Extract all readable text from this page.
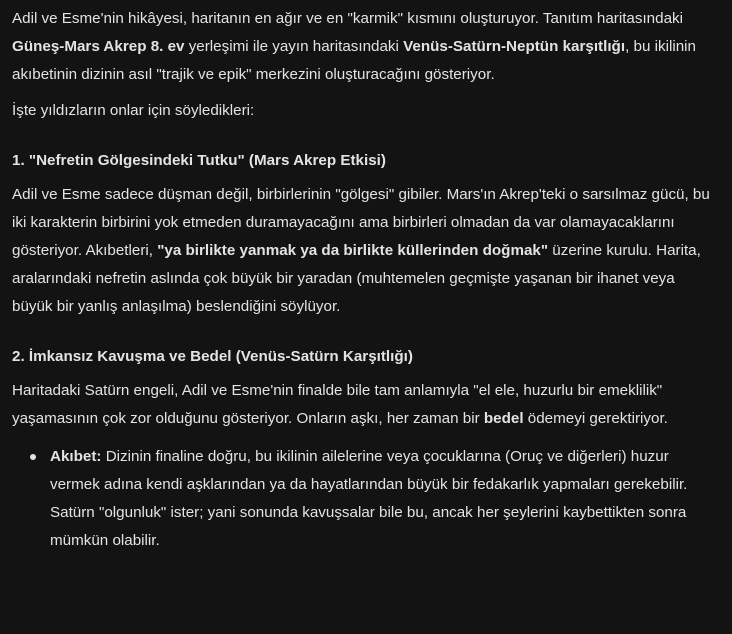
Adil ve Esme'nin hikâyesi, haritanın en ağır ve en "karmik" kısmını oluşturuyor. Tanıtım haritasındaki Güneş-Mars Akrep 8. ev yerleşimi ile yayın haritasındaki Venüs-Satürn-Neptün karşıtlığı, bu ikilinin akıbetinin dizinin asıl "trajik ve epik" merkezini oluşturacağını gösteriyor.

İşte yıldızların onlar için söyledikleri:

1. "Nefretin Gölgesindeki Tutku" (Mars Akrep Etkisi)

Adil ve Esme sadece düşman değil, birbirlerinin "gölgesi" gibiler. Mars'ın Akrep'teki o sarsılmaz gücü, bu iki karakterin birbirini yok etmeden duramayacağını ama birbirleri olmadan da var olamayacaklarını gösteriyor. Akıbetleri, "ya birlikte yanmak ya da birlikte küllerinden doğmak" üzerine kurulu. Harita, aralarındaki nefretin aslında çok büyük bir yaradan (muhtemelen geçmişte yaşanan bir ihanet veya büyük bir yanlış anlaşılma) beslendiğini söylüyor.

2. İmkansız Kavuşma ve Bedel (Venüs-Satürn Karşıtlığı)

Haritadaki Satürn engeli, Adil ve Esme'nin finalde bile tam anlamıyla "el ele, huzurlu bir emeklilik" yaşamasının çok zor olduğunu gösteriyor. Onların aşkı, her zaman bir bedel ödemeyi gerektiriyor.

Akıbet: Dizinin finaline doğru, bu ikilinin ailelerine veya çocuklarına (Oruç ve diğerleri) huzur vermek adına kendi aşklarından ya da hayatlarından büyük bir fedakarlık yapmaları gerekebilir. Satürn "olgunluk" ister; yani sonunda kavuşsalar bile bu, ancak her şeylerini kaybettikten sonra mümkün olabilir.
